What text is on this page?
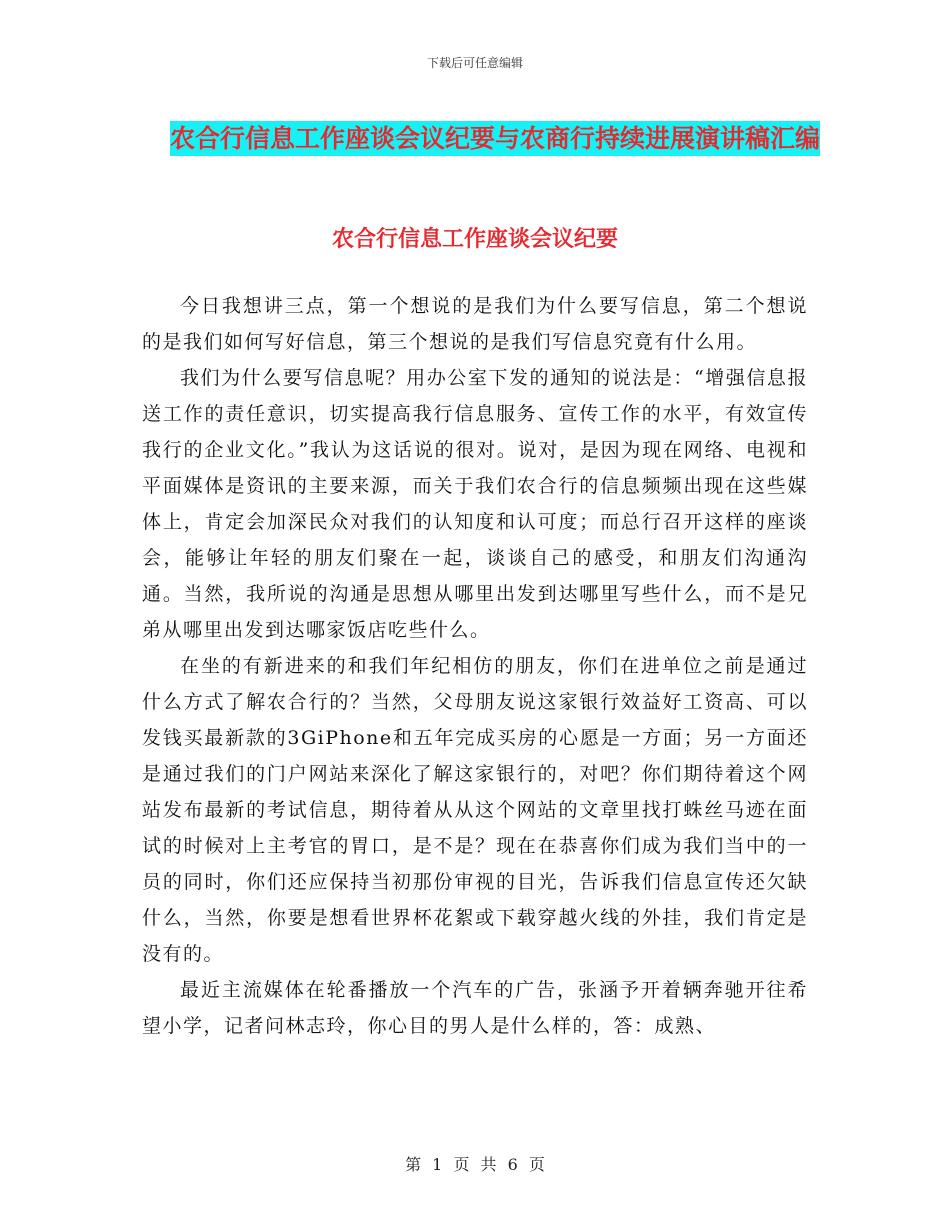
下载后可任意编辑
农合行信息工作座谈会议纪要与农商行持续进展演讲稿汇编
农合行信息工作座谈会议纪要

今日我想讲三点，第一个想说的是我们为什么要写信息，第二个想说的是我们如何写好信息，第三个想说的是我们写信息究竟有什么用。

我们为什么要写信息呢？用办公室下发的通知的说法是：“增强信息报送工作的责任意识，切实提高我行信息服务、宣传工作的水平，有效宣传我行的企业文化。”我认为这话说的很对。说对，是因为现在网络、电视和平面媒体是资讯的主要来源，而关于我们农合行的信息频频出现在这些媒体上，肯定会加深民众对我们的认知度和认可度；而总行召开这样的座谈会，能够让年轻的朋友们聚在一起，谈谈自己的感受，和朋友们沟通沟通。当然，我所说的沟通是思想从哪里出发到达哪里写些什么，而不是兄弟从哪里出发到达哪家饭店吃些什么。

在坐的有新进来的和我们年纪相仿的朋友，你们在进单位之前是通过什么方式了解农合行的？当然，父母朋友说这家银行效益好工资高、可以发钱买最新款的3GiPhone和五年完成买房的心愿是一方面；另一方面还是通过我们的门户网站来深化了解这家银行的，对吧？你们期待着这个网站发布最新的考试信息，期待着从从这个网站的文章里找打蛛丝马迹在面试的时候对上主考官的胃口，是不是？现在在恭喜你们成为我们当中的一员的同时，你们还应保持当初那份审视的目光，告诉我们信息宣传还欠缺什么，当然，你要是想看世界杯花絮或下载穿越火线的外挂，我们肯定是没有的。

最近主流媒体在轮番播放一个汽车的广告，张涵予开着辆奔驰开往希望小学，记者问林志玲，你心目的男人是什么样的，答：成熟、

第 1 页 共 6 页
